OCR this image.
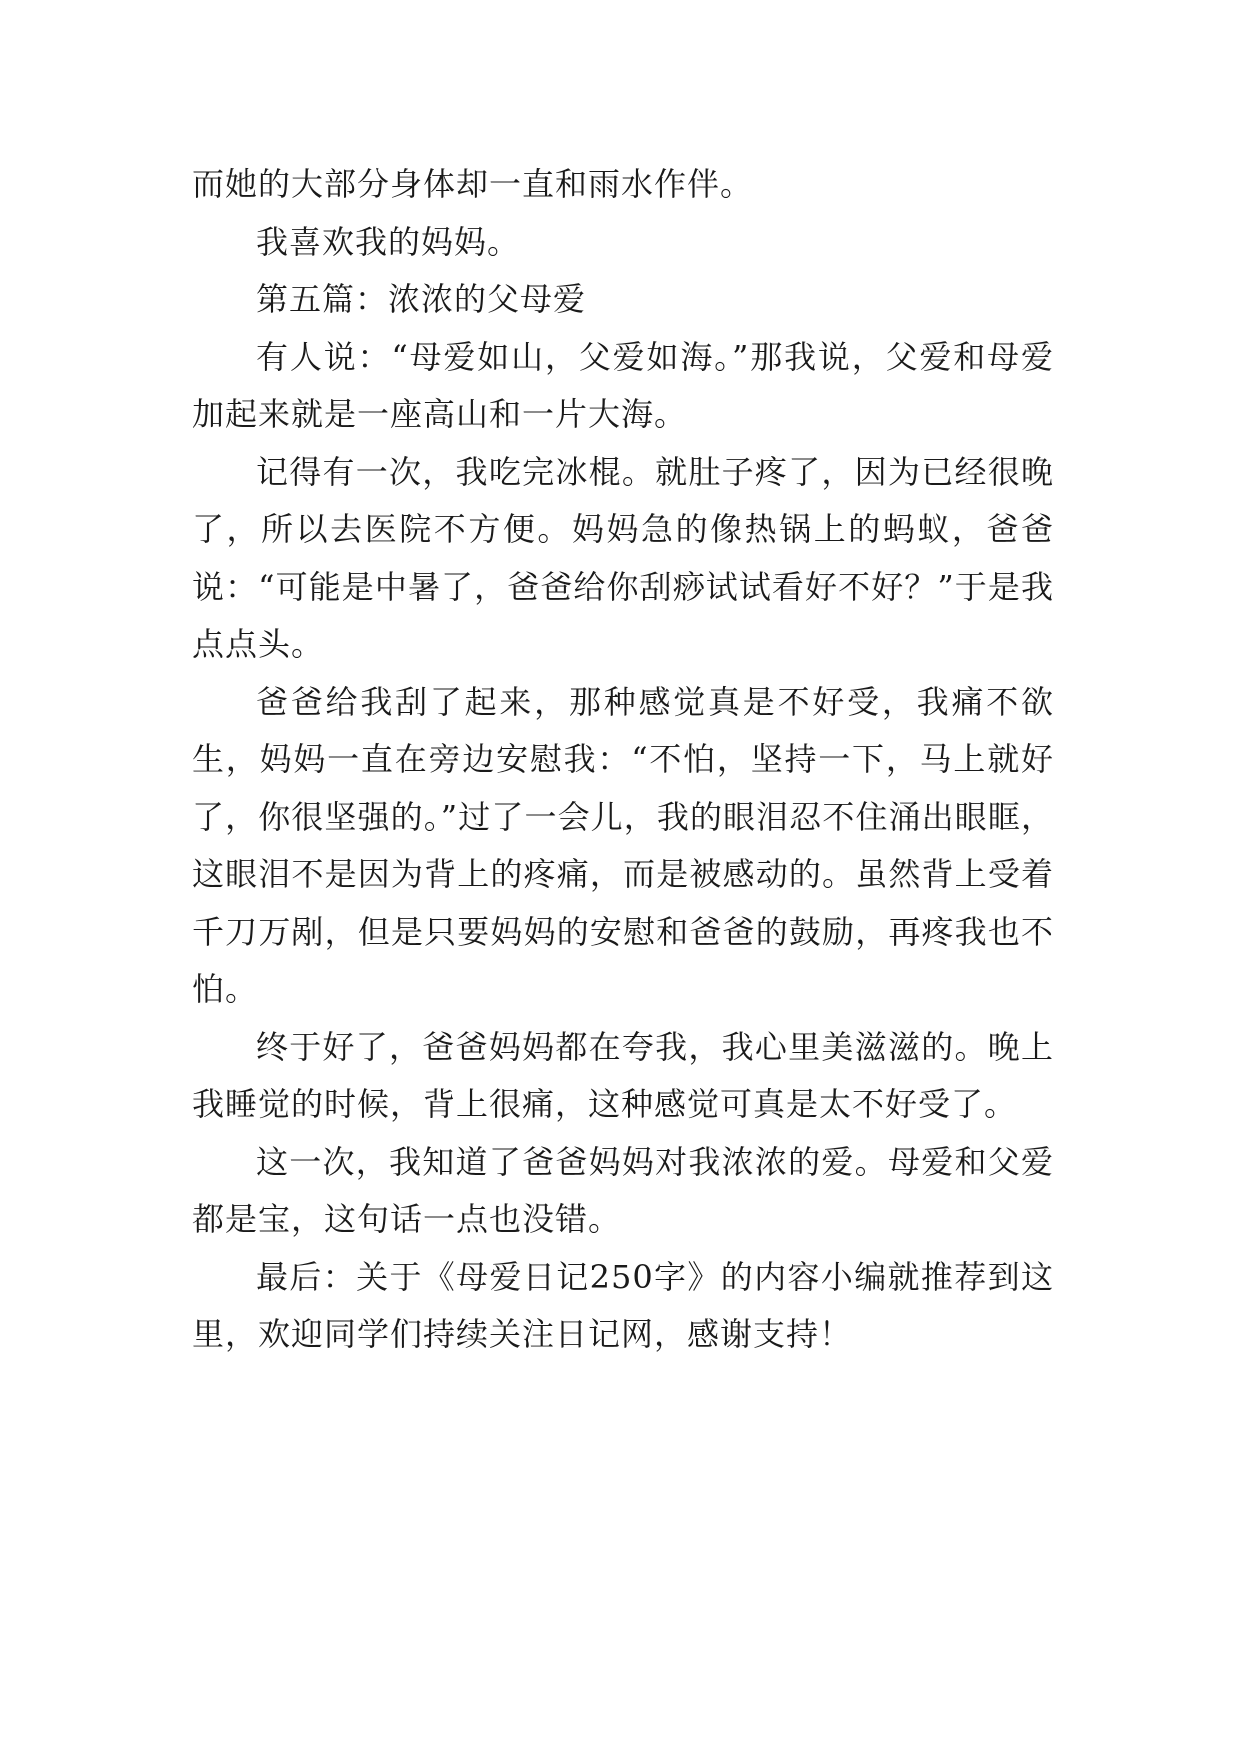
而她的大部分身体却一直和雨水作伴。

我喜欢我的妈妈。

第五篇：浓浓的父母爱

有人说：“母爱如山，父爱如海。”那我说，父爱和母爱加起来就是一座高山和一片大海。

记得有一次，我吃完冰棍。就肚子疼了，因为已经很晚了，所以去医院不方便。妈妈急的像热锅上的蚂蚁，爸爸说：“可能是中暑了，爸爸给你刮痧试试看好不好？”于是我点点头。

爸爸给我刮了起来，那种感觉真是不好受，我痛不欲生，妈妈一直在旁边安慰我：“不怕，坚持一下，马上就好了，你很坚强的。”过了一会儿，我的眼泪忍不住涌出眼眶，这眼泪不是因为背上的疼痛，而是被感动的。虽然背上受着千刀万剐，但是只要妈妈的安慰和爸爸的鼓励，再疼我也不怕。

终于好了，爸爸妈妈都在夸我，我心里美滋滋的。晚上我睡觉的时候，背上很痛，这种感觉可真是太不好受了。

这一次，我知道了爸爸妈妈对我浓浓的爱。母爱和父爱都是宝，这句话一点也没错。

最后：关于《母爱日记250字》的内容小编就推荐到这里，欢迎同学们持续关注日记网，感谢支持！
